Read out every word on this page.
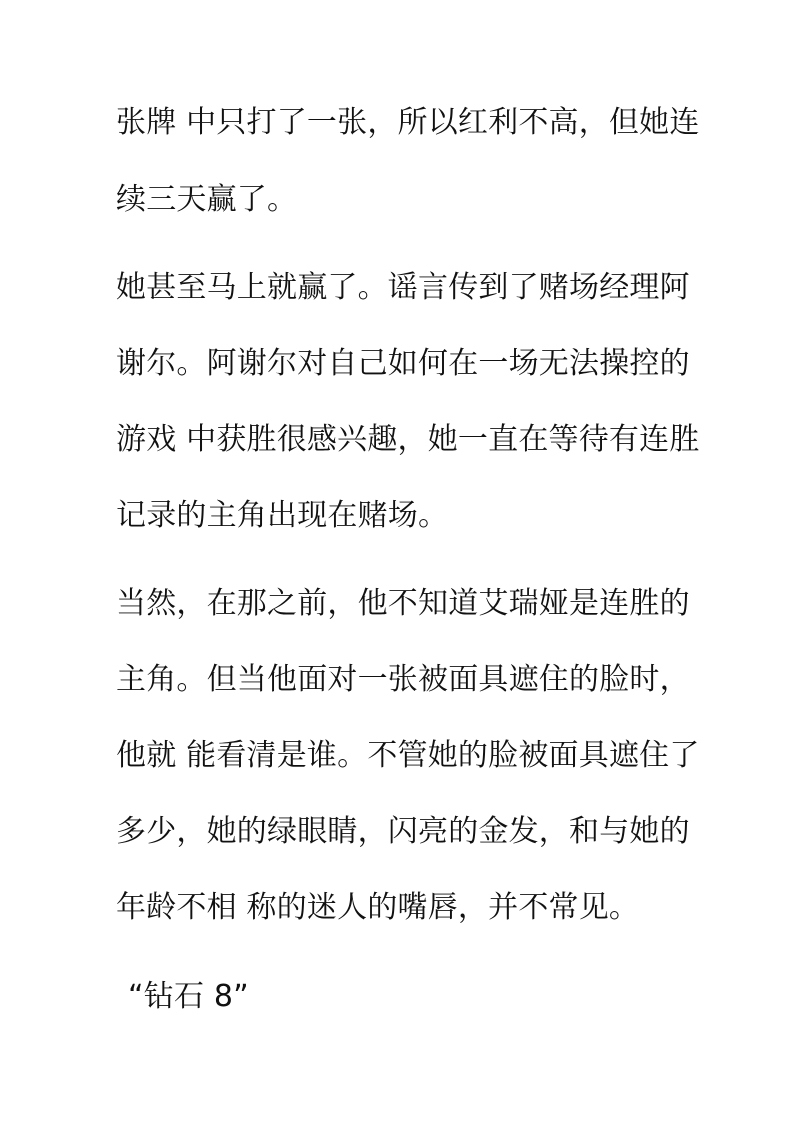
张牌 中只打了一张，所以红利不高，但她连
续三天赢了。
她甚至马上就赢了。谣言传到了赌场经理阿
谢尔。阿谢尔对自己如何在一场无法操控的
游戏 中获胜很感兴趣，她一直在等待有连胜
记录的主角出现在赌场。
当然，在那之前，他不知道艾瑞娅是连胜的
主角。但当他面对一张被面具遮住的脸时，
他就 能看清是谁。不管她的脸被面具遮住了
多少，她的绿眼睛，闪亮的金发，和与她的
年龄不相 称的迷人的嘴唇，并不常见。
“钻石 8”
